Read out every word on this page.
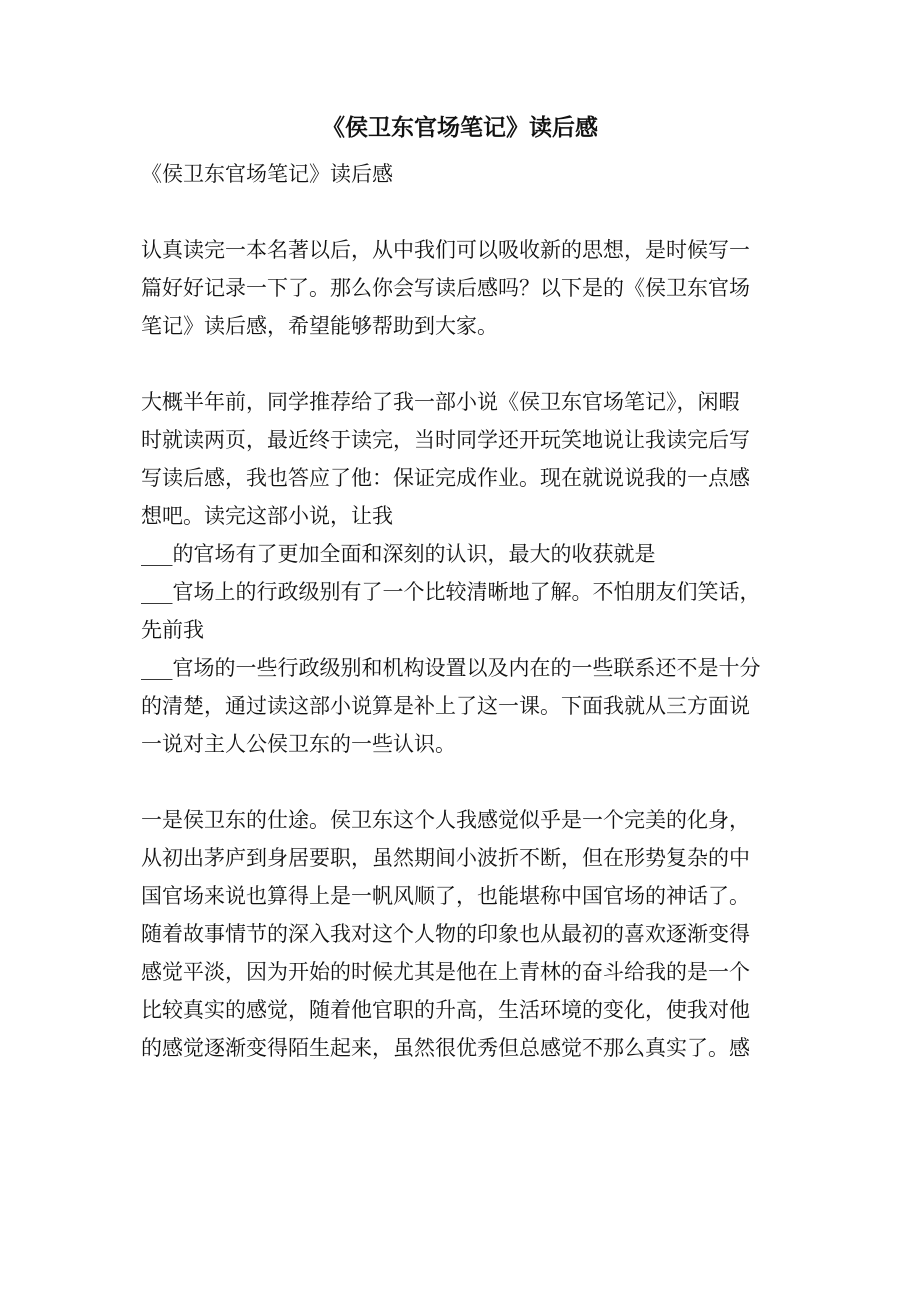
《侯卫东官场笔记》读后感
《侯卫东官场笔记》读后感
认真读完一本名著以后，从中我们可以吸收新的思想，是时候写一
篇好好记录一下了。那么你会写读后感吗？以下是的《侯卫东官场
笔记》读后感，希望能够帮助到大家。
大概半年前，同学推荐给了我一部小说《侯卫东官场笔记》，闲暇
时就读两页，最近终于读完，当时同学还开玩笑地说让我读完后写
写读后感，我也答应了他：保证完成作业。现在就说说我的一点感
想吧。读完这部小说，让我
___的官场有了更加全面和深刻的认识，最大的收获就是
___官场上的行政级别有了一个比较清晰地了解。不怕朋友们笑话，
先前我
___官场的一些行政级别和机构设置以及内在的一些联系还不是十分
的清楚，通过读这部小说算是补上了这一课。下面我就从三方面说
一说对主人公侯卫东的一些认识。
一是侯卫东的仕途。侯卫东这个人我感觉似乎是一个完美的化身，
从初出茅庐到身居要职，虽然期间小波折不断，但在形势复杂的中
国官场来说也算得上是一帆风顺了，也能堪称中国官场的神话了。
随着故事情节的深入我对这个人物的印象也从最初的喜欢逐渐变得
感觉平淡，因为开始的时候尤其是他在上青林的奋斗给我的是一个
比较真实的感觉，随着他官职的升高，生活环境的变化，使我对他
的感觉逐渐变得陌生起来，虽然很优秀但总感觉不那么真实了。感
